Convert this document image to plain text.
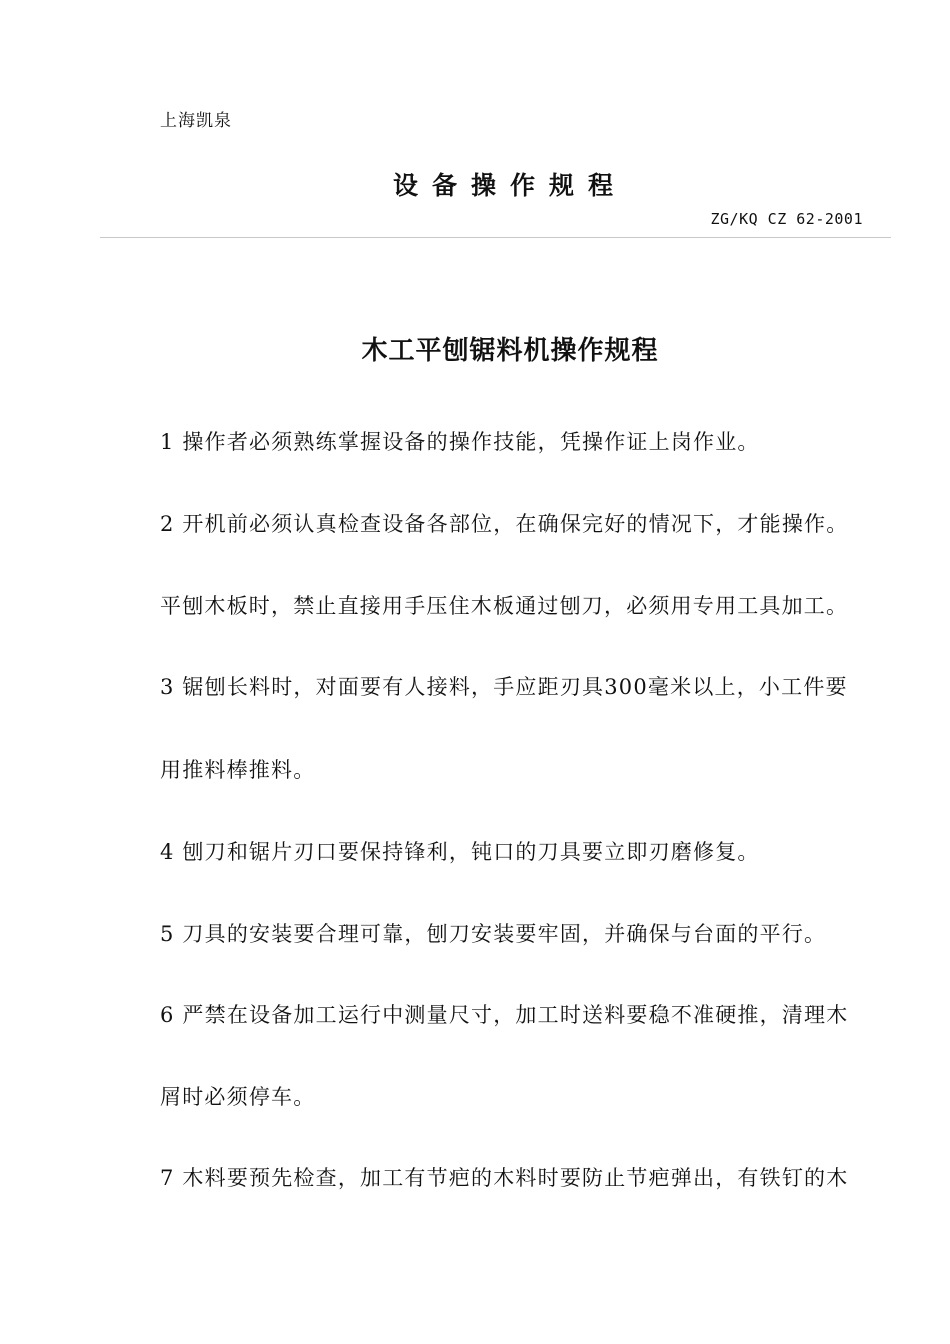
上海凯泉
设备操作规程
ZG/KQ CZ 62-2001
木工平刨锯料机操作规程
1 操作者必须熟练掌握设备的操作技能，凭操作证上岗作业。
2 开机前必须认真检查设备各部位，在确保完好的情况下，才能操作。
平刨木板时，禁止直接用手压住木板通过刨刀，必须用专用工具加工。
3 锯刨长料时，对面要有人接料，手应距刃具300毫米以上，小工件要
用推料棒推料。
4 刨刀和锯片刃口要保持锋利，钝口的刀具要立即刃磨修复。
5 刀具的安装要合理可靠，刨刀安装要牢固，并确保与台面的平行。
6 严禁在设备加工运行中测量尺寸，加工时送料要稳不准硬推，清理木
屑时必须停车。
7 木料要预先检查，加工有节疤的木料时要防止节疤弹出，有铁钉的木
